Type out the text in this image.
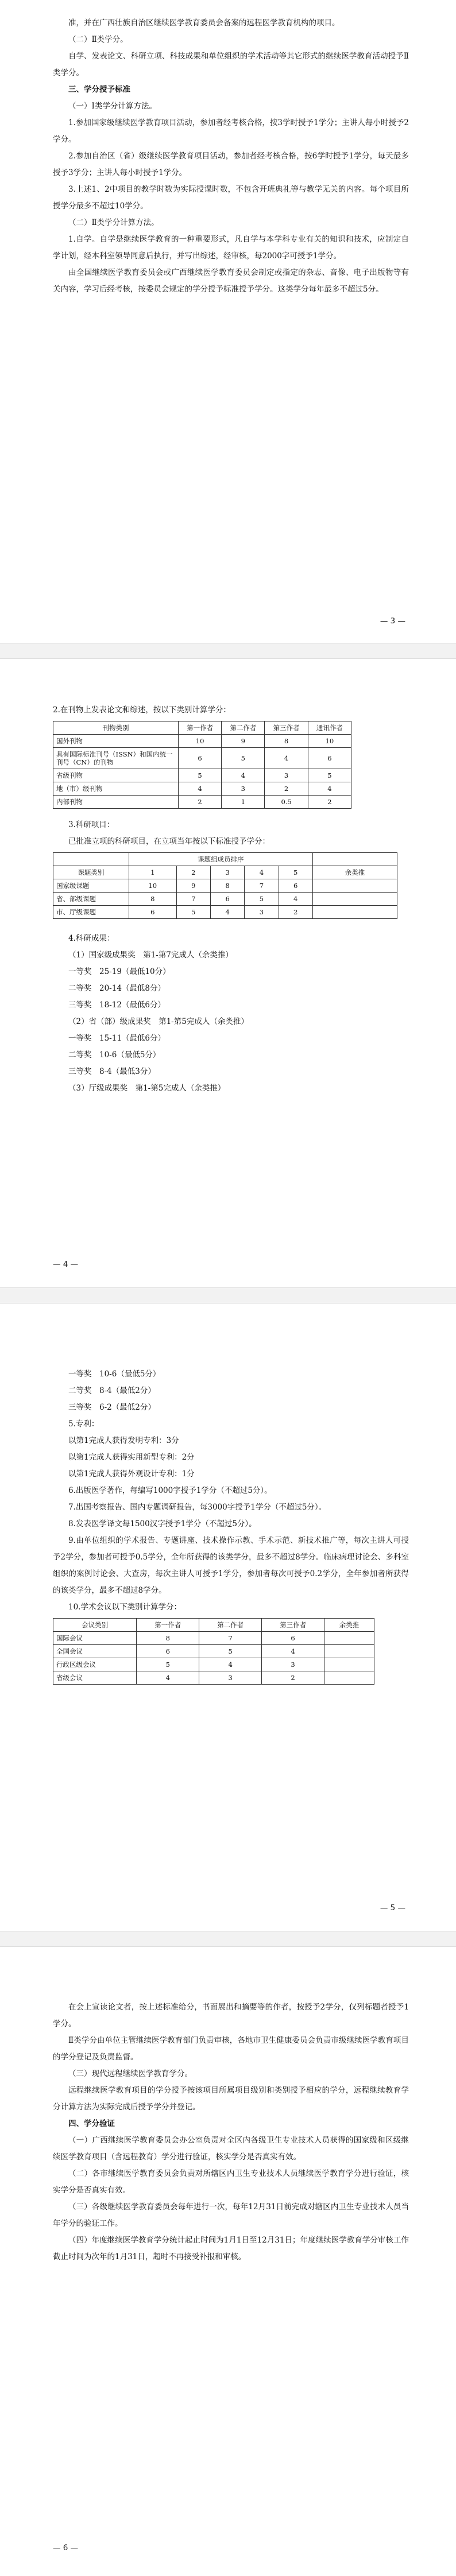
准，并在广西壮族自治区继续医学教育委员会备案的远程医学教育机构的项目。

（二）Ⅱ类学分。

自学、发表论文、科研立项、科技成果和单位组织的学术活动等其它形式的继续医学教育活动授予Ⅱ类学分。

三、学分授予标准

（一）Ⅰ类学分计算方法。

1.参加国家级继续医学教育项目活动，参加者经考核合格，按3学时授予1学分；主讲人每小时授予2学分。

2.参加自治区（省）级继续医学教育项目活动，参加者经考核合格，按6学时授予1学分，每天最多授予3学分；主讲人每小时授予1学分。

3.上述1、2中项目的教学时数为实际授课时数，不包含开班典礼等与教学无关的内容。每个项目所授学分最多不超过10学分。

（二）Ⅱ类学分计算方法。

1.自学。自学是继续医学教育的一种重要形式，凡自学与本学科专业有关的知识和技术，应制定自学计划，经本科室领导同意后执行，并写出综述，经审核，每2000字可授予1学分。

由全国继续医学教育委员会或广西继续医学教育委员会制定或指定的杂志、音像、电子出版物等有关内容，学习后经考核，按委员会规定的学分授予标准授予学分。这类学分每年最多不超过5分。

— 3 —

2.在刊物上发表论文和综述，按以下类别计算学分：

刊物类别	第一作者	第二作者	第三作者	通讯作者
国外刊物	10	9	8	10
具有国际标准刊号（ISSN）和国内统一刊号（CN）的刊物	6	5	4	6
省级刊物	5	4	3	5
地（市）级刊物	4	3	2	4
内部刊物	2	1	0.5	2

3.科研项目：

已批准立项的科研项目，在立项当年按以下标准授予学分：

	课题组成员排序					
课题类别	1	2	3	4	5	余类推
国家级课题	10	9	8	7	6	
省、部级课题	8	7	6	5	4	
市、厅级课题	6	5	4	3	2	

4.科研成果：

（1）国家级成果奖　第1-第7完成人（余类推）

一等奖　25-19（最低10分）

二等奖　20-14（最低8分）

三等奖　18-12（最低6分）

（2）省（部）级成果奖　第1-第5完成人（余类推）

一等奖　15-11（最低6分）

二等奖　10-6（最低5分）

三等奖　8-4（最低3分）

（3）厅级成果奖　第1-第5完成人（余类推）

— 4 —

一等奖　10-6（最低5分）

二等奖　8-4（最低2分）

三等奖　6-2（最低2分）

5.专利：

以第1完成人获得发明专利：3分

以第1完成人获得实用新型专利：2分

以第1完成人获得外观设计专利：1分

6.出版医学著作，每编写1000字授予1学分（不超过5分）。

7.出国考察报告、国内专题调研报告，每3000字授予1学分（不超过5分）。

8.发表医学译文每1500汉字授予1学分（不超过5分）。

9.由单位组织的学术报告、专题讲座、技术操作示教、手术示范、新技术推广等，每次主讲人可授予2学分，参加者可授予0.5学分，全年所获得的该类学分，最多不超过8学分。临床病理讨论会、多科室组织的案例讨论会、大查房，每次主讲人可授予1学分，参加者每次可授予0.2学分，全年参加者所获得的该类学分，最多不超过8学分。

10.学术会议以下类别计算学分：

会议类别	第一作者	第二作者	第三作者	余类推
国际会议	8	7	6	
全国会议	6	5	4	
行政区级会议	5	4	3	
省级会议	4	3	2	
— 5 —

在会上宣读论文者，按上述标准给分，书面展出和摘要等的作者，按授予2学分，仅列标题者授予1学分。

Ⅱ类学分由单位主管继续医学教育部门负责审核，各地市卫生健康委员会负责市级继续医学教育项目的学分登记及负责监督。

（三）现代远程继续医学教育学分。

远程继续医学教育项目的学分授予按该项目所属项目级别和类别授予相应的学分，远程继续教育学分计算方法为实际完成后授予学分并登记。

四、学分验证

（一）广西继续医学教育委员会办公室负责对全区内各级卫生专业技术人员获得的国家级和区级继续医学教育项目（含远程教育）学分进行验证，核实学分是否真实有效。

（二）各市继续医学教育委员会负责对所辖区内卫生专业技术人员继续医学教育学分进行验证，核实学分是否真实有效。

（三）各级继续医学教育委员会每年进行一次，每年12月31日前完成对辖区内卫生专业技术人员当年学分的验证工作。

（四）年度继续医学教育学分统计起止时间为1月1日至12月31日；年度继续医学教育学分审核工作截止时间为次年的1月31日，超时不再接受补报和审核。

— 6 —
